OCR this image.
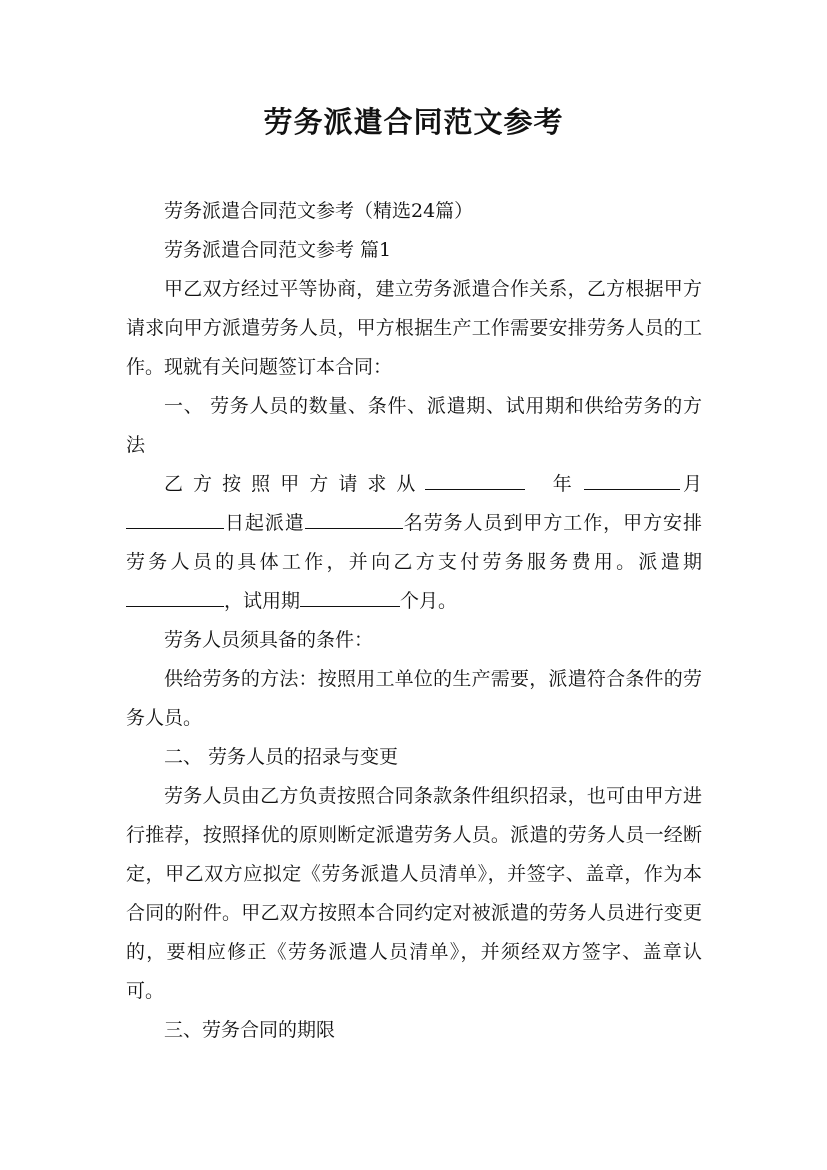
劳务派遣合同范文参考

劳务派遣合同范文参考（精选24篇）

劳务派遣合同范文参考 篇1

甲乙双方经过平等协商，建立劳务派遣合作关系，乙方根据甲方请求向甲方派遣劳务人员，甲方根据生产工作需要安排劳务人员的工作。现就有关问题签订本合同：

一、 劳务人员的数量、条件、派遣期、试用期和供给劳务的方法

乙方按照甲方请求从	年	月日起派遣	名劳务人员到甲方工作，甲方安排劳务人员的具体工作，并向乙方支付劳务服务费用。派遣期，试用期	个月。

劳务人员须具备的条件：

供给劳务的方法：按照用工单位的生产需要，派遣符合条件的劳务人员。

二、 劳务人员的招录与变更

劳务人员由乙方负责按照合同条款条件组织招录，也可由甲方进行推荐，按照择优的原则断定派遣劳务人员。派遣的劳务人员一经断定，甲乙双方应拟定《劳务派遣人员清单》，并签字、盖章，作为本合同的附件。甲乙双方按照本合同约定对被派遣的劳务人员进行变更的，要相应修正《劳务派遣人员清单》，并须经双方签字、盖章认可。

三、劳务合同的期限
